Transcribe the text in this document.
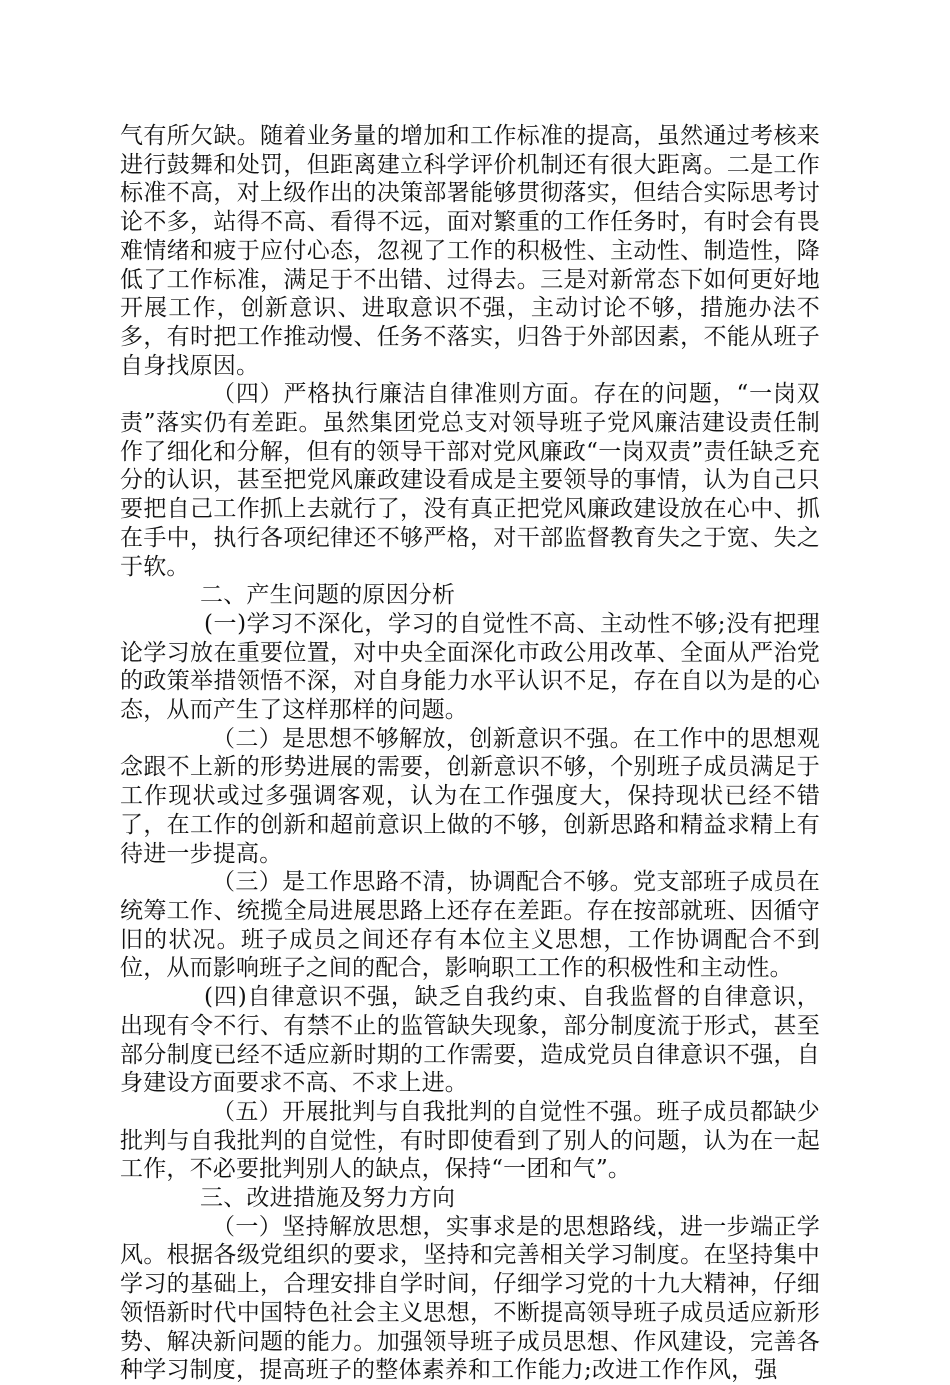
气有所欠缺。随着业务量的增加和工作标准的提高，虽然通过考核来进行鼓舞和处罚，但距离建立科学评价机制还有很大距离。二是工作标准不高，对上级作出的决策部署能够贯彻落实，但结合实际思考讨论不多，站得不高、看得不远，面对繁重的工作任务时，有时会有畏难情绪和疲于应付心态，忽视了工作的积极性、主动性、制造性，降低了工作标准，满足于不出错、过得去。三是对新常态下如何更好地开展工作，创新意识、进取意识不强，主动讨论不够，措施办法不多，有时把工作推动慢、任务不落实，归咎于外部因素，不能从班子自身找原因。

（四）严格执行廉洁自律准则方面。存在的问题，“一岗双责”落实仍有差距。虽然集团党总支对领导班子党风廉洁建设责任制作了细化和分解，但有的领导干部对党风廉政“一岗双责”责任缺乏充分的认识，甚至把党风廉政建设看成是主要领导的事情，认为自己只要把自己工作抓上去就行了，没有真正把党风廉政建设放在心中、抓在手中，执行各项纪律还不够严格，对干部监督教育失之于宽、失之于软。

二、产生问题的原因分析

(一)学习不深化，学习的自觉性不高、主动性不够;没有把理论学习放在重要位置，对中央全面深化市政公用改革、全面从严治党的政策举措领悟不深，对自身能力水平认识不足，存在自以为是的心态，从而产生了这样那样的问题。

（二）是思想不够解放，创新意识不强。在工作中的思想观念跟不上新的形势进展的需要，创新意识不够，个别班子成员满足于工作现状或过多强调客观，认为在工作强度大，保持现状已经不错了，在工作的创新和超前意识上做的不够，创新思路和精益求精上有待进一步提高。

（三）是工作思路不清，协调配合不够。党支部班子成员在统筹工作、统揽全局进展思路上还存在差距。存在按部就班、因循守旧的状况。班子成员之间还存有本位主义思想，工作协调配合不到位，从而影响班子之间的配合，影响职工工作的积极性和主动性。

(四)自律意识不强，缺乏自我约束、自我监督的自律意识，出现有令不行、有禁不止的监管缺失现象，部分制度流于形式，甚至部分制度已经不适应新时期的工作需要，造成党员自律意识不强，自身建设方面要求不高、不求上进。

（五）开展批判与自我批判的自觉性不强。班子成员都缺少批判与自我批判的自觉性，有时即使看到了别人的问题，认为在一起工作，不必要批判别人的缺点，保持“一团和气”。

三、改进措施及努力方向

（一）坚持解放思想，实事求是的思想路线，进一步端正学风。根据各级党组织的要求，坚持和完善相关学习制度。在坚持集中学习的基础上，合理安排自学时间，仔细学习党的十九大精神，仔细领悟新时代中国特色社会主义思想，不断提高领导班子成员适应新形势、解决新问题的能力。加强领导班子成员思想、作风建设，完善各种学习制度，提高班子的整体素养和工作能力;改进工作作风，强
